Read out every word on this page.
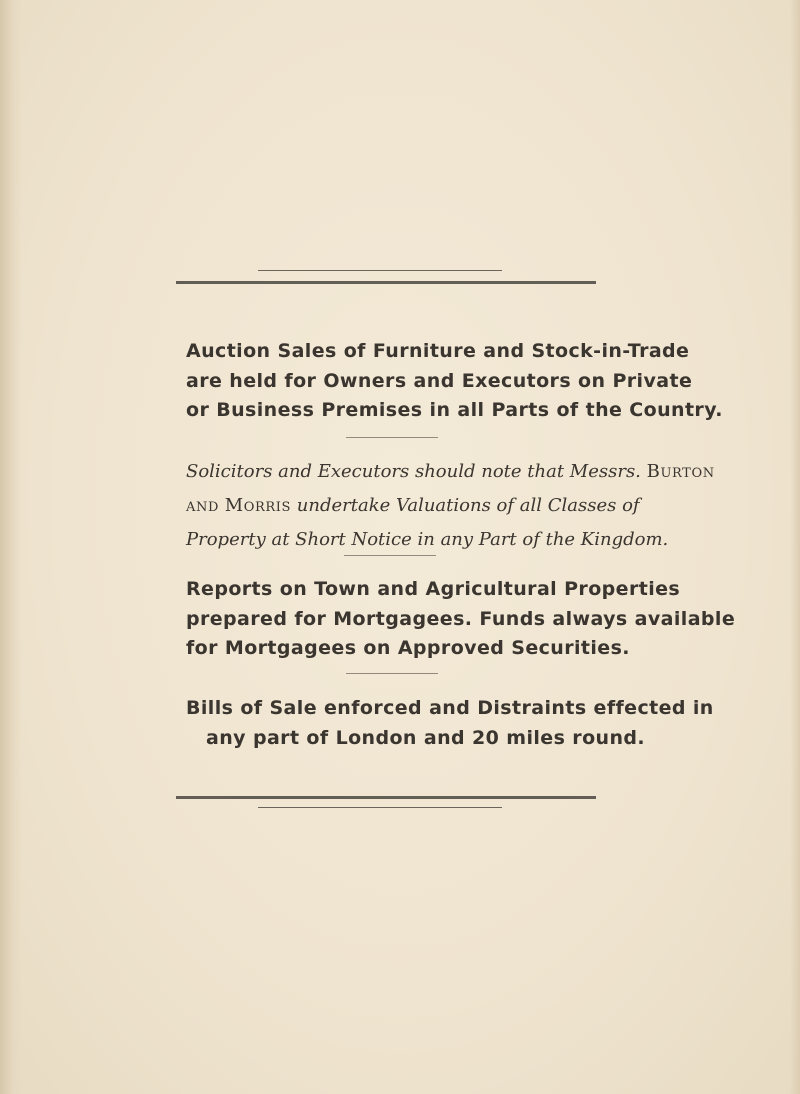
Auction Sales of Furniture and Stock-in-Trade
are held for Owners and Executors on Private
or Business Premises in all Parts of the Country.

Solicitors and Executors should note that Messrs. Burton
and Morris undertake Valuations of all Classes of
Property at Short Notice in any Part of the Kingdom.

Reports on Town and Agricultural Properties
prepared for Mortgagees. Funds always available
for Mortgagees on Approved Securities.

Bills of Sale enforced and Distraints effected in
any part of London and 20 miles round.
